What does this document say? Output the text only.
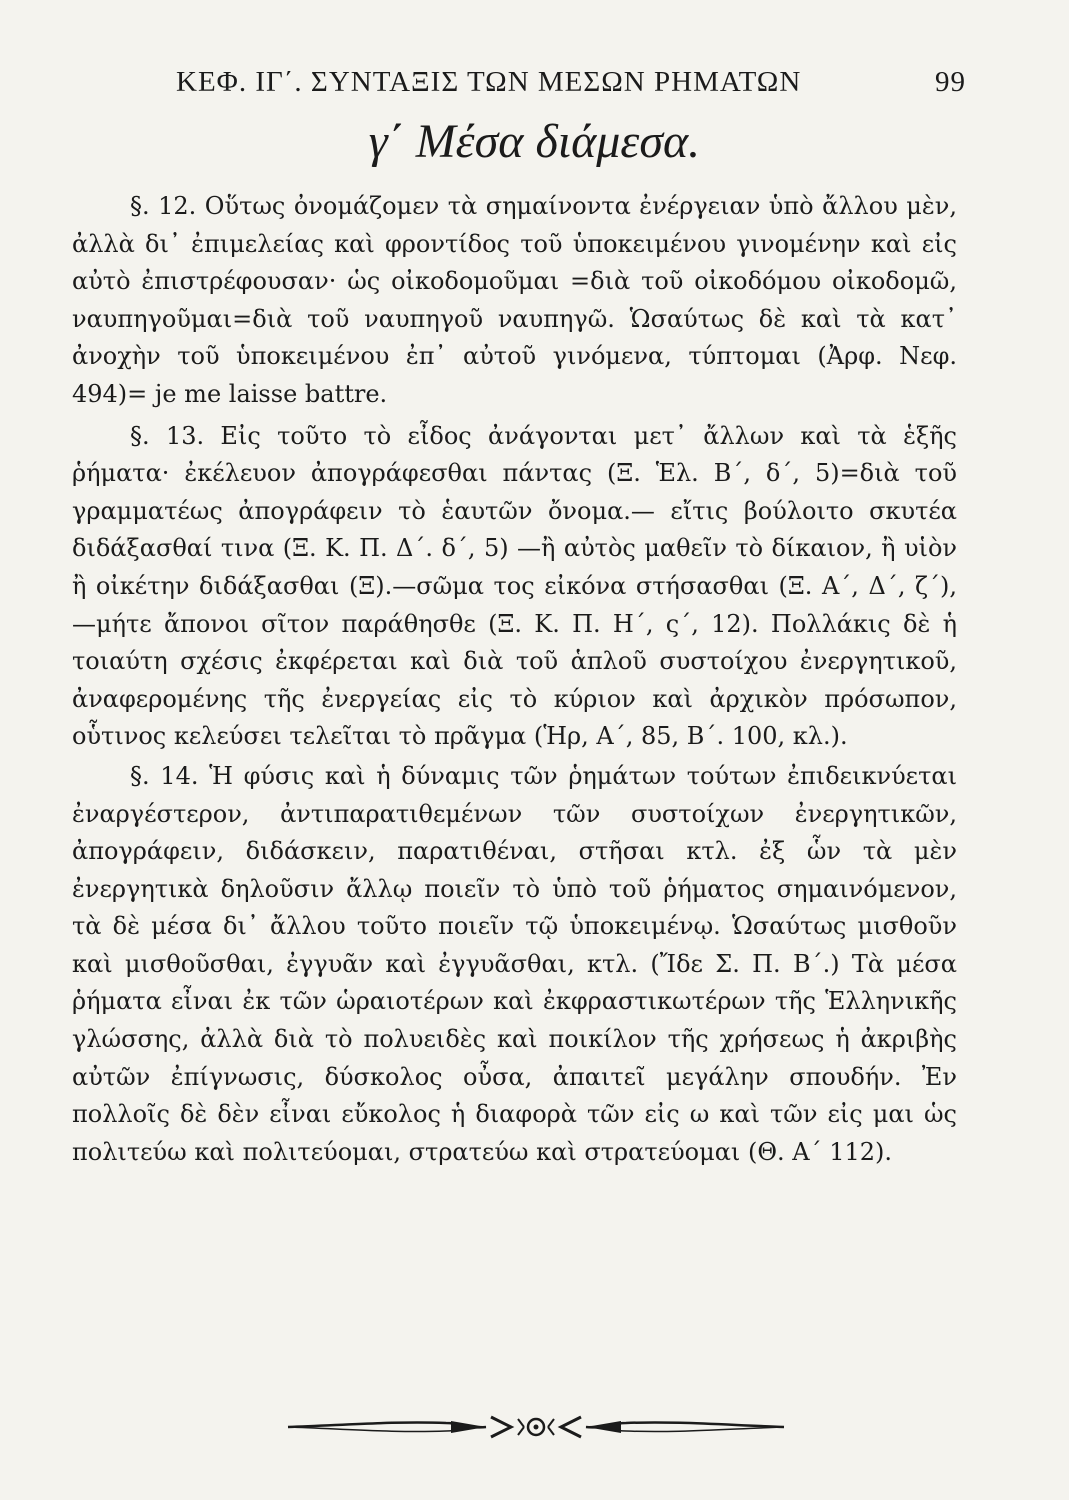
ΚΕΦ. ΙΓ΄. ΣΥΝΤΑΞΙΣ ΤΩΝ ΜΕΣΩΝ ΡΗΜΑΤΩΝ	99
γ΄ Μέσα διάμεσα.

§. 12. Οὕτως ὀνομάζομεν τὰ σημαίνοντα ἐνέργειαν ὑπὸ ἄλλου μὲν, ἀλλὰ δι᾽ ἐπιμελείας καὶ φροντίδος τοῦ ὑποκειμένου γινομένην καὶ εἰς αὐτὸ ἐπιστρέφουσαν· ὡς οἰκοδομοῦμαι =διὰ τοῦ οἰκοδόμου οἰκοδομῶ, ναυπηγοῦμαι=διὰ τοῦ ναυπηγοῦ ναυπηγῶ. Ὡσαύτως δὲ καὶ τὰ κατ᾽ ἀνοχὴν τοῦ ὑποκειμένου ἐπ᾽ αὐτοῦ γινόμενα, τύπτομαι (Ἀρφ. Νεφ. 494)= je me laisse battre.

§. 13. Εἰς τοῦτο τὸ εἶδος ἀνάγονται μετ᾽ ἄλλων καὶ τὰ ἑξῆς ῥήματα· ἐκέλευον ἀπογράφεσθαι πάντας (Ξ. Ἑλ. Β΄, δ΄, 5)=διὰ τοῦ γραμματέως ἀπογράφειν τὸ ἑαυτῶν ὄνομα.— εἴτις βούλοιτο σκυτέα διδάξασθαί τινα (Ξ. Κ. Π. Δ΄. δ΄, 5) —ἢ αὐτὸς μαθεῖν τὸ δίκαιον, ἢ υἱὸν ἢ οἰκέτην διδάξασθαι (Ξ).—σῶμα τος εἰκόνα στήσασθαι (Ξ. Α΄, Δ΄, ζ΄),—μήτε ἄπονοι σῖτον παράθησθε (Ξ. Κ. Π. Η΄, ς΄, 12). Πολλάκις δὲ ἡ τοιαύτη σχέσις ἐκφέρεται καὶ διὰ τοῦ ἁπλοῦ συστοίχου ἐνεργητικοῦ, ἀναφερομένης τῆς ἐνεργείας εἰς τὸ κύριον καὶ ἀρχικὸν πρόσωπον, οὗτινος κελεύσει τελεῖται τὸ πρᾶγμα (Ἡρ, Α΄, 85, Β΄. 100, κλ.).

§. 14. Ἡ φύσις καὶ ἡ δύναμις τῶν ῥημάτων τούτων ἐπιδεικνύεται ἐναργέστερον, ἀντιπαρατιθεμένων τῶν συστοίχων ἐνεργητικῶν, ἀπογράφειν, διδάσκειν, παρατιθέναι, στῆσαι κτλ. ἐξ ὧν τὰ μὲν ἐνεργητικὰ δηλοῦσιν ἄλλῳ ποιεῖν τὸ ὑπὸ τοῦ ῥήματος σημαινόμενον, τὰ δὲ μέσα δι᾽ ἄλλου τοῦτο ποιεῖν τῷ ὑποκειμένῳ. Ὡσαύτως μισθοῦν καὶ μισθοῦσθαι, ἐγγυᾶν καὶ ἐγγυᾶσθαι, κτλ. (Ἴδε Σ. Π. Β΄.) Τὰ μέσα ῥήματα εἶναι ἐκ τῶν ὡραιοτέρων καὶ ἐκφραστικωτέρων τῆς Ἑλληνικῆς γλώσσης, ἀλλὰ διὰ τὸ πολυειδὲς καὶ ποικίλον τῆς χρήσεως ἡ ἀκριβὴς αὐτῶν ἐπίγνωσις, δύσκολος οὖσα, ἀπαιτεῖ μεγάλην σπουδήν. Ἐν πολλοῖς δὲ δὲν εἶναι εὔκολος ἡ διαφορὰ τῶν εἰς ω καὶ τῶν εἰς μαι ὡς πολιτεύω καὶ πολιτεύομαι, στρατεύω καὶ στρατεύομαι (Θ. Α΄ 112).
